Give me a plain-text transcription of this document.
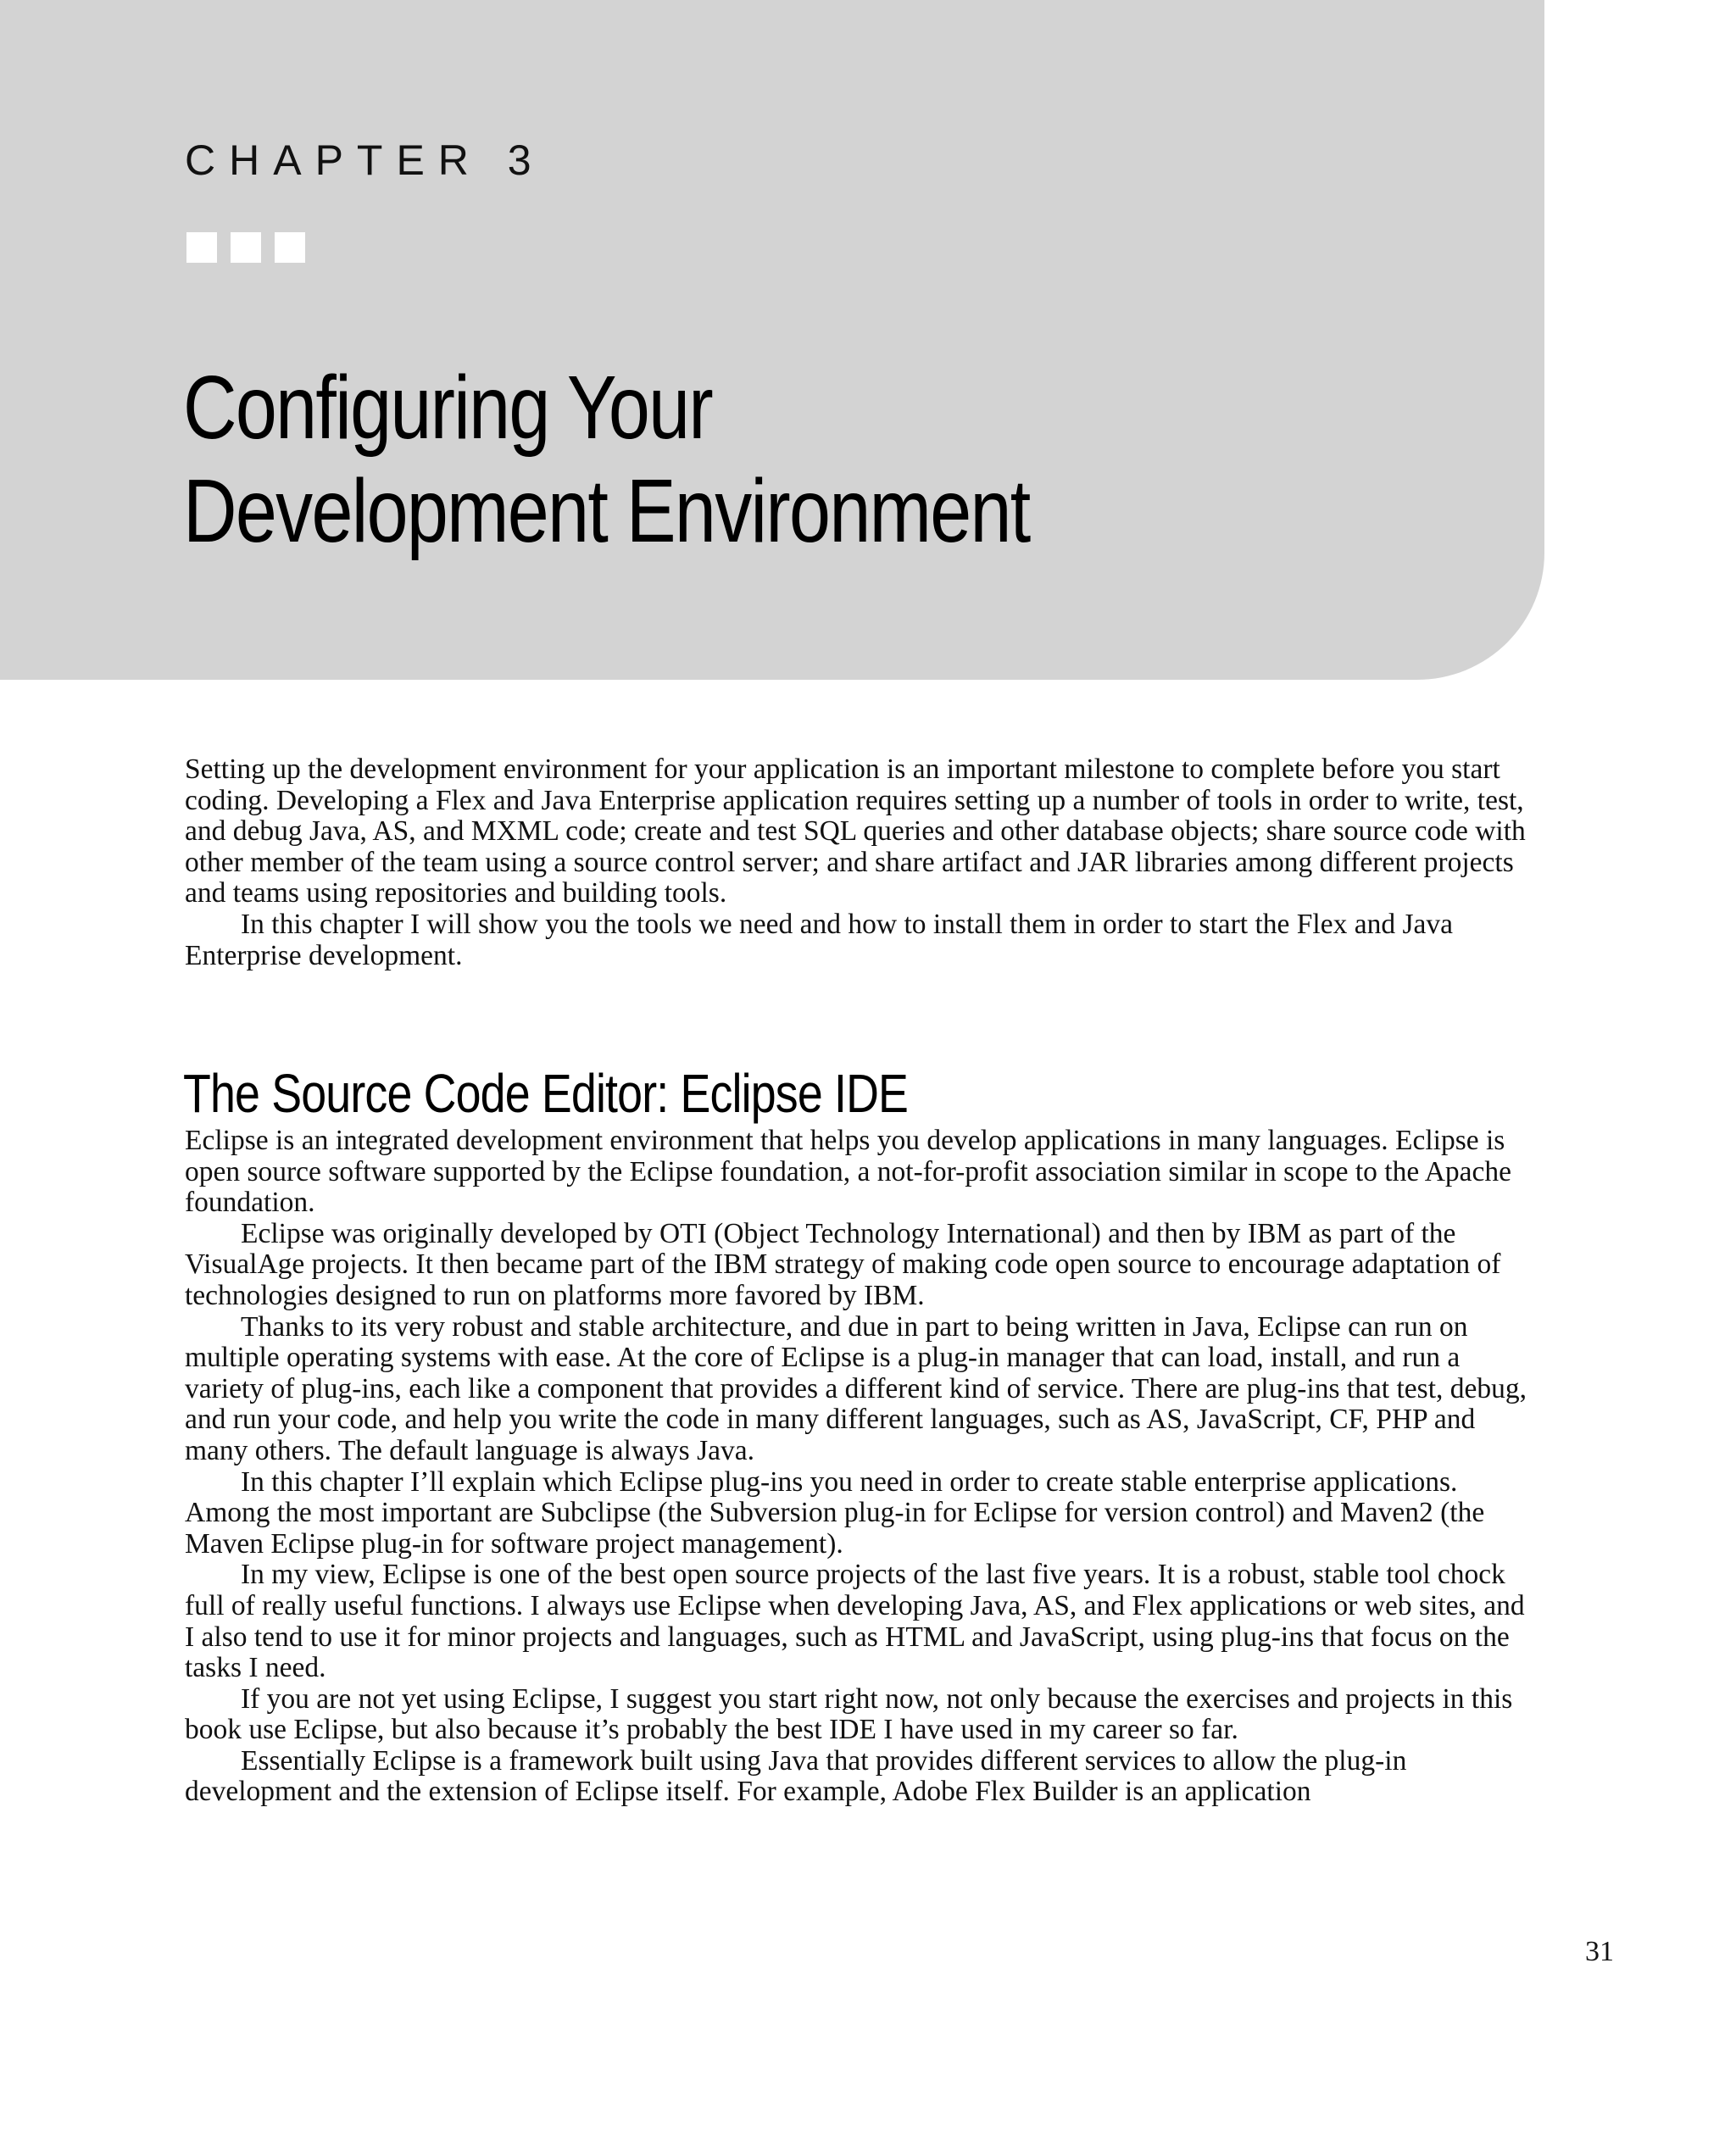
CHAPTER 3
Configuring Your
Development Environment

Setting up the development environment for your application is an important milestone to complete before you start coding. Developing a Flex and Java Enterprise application requires setting up a number of tools in order to write, test, and debug Java, AS, and MXML code; create and test SQL queries and other database objects; share source code with other member of the team using a source control server; and share artifact and JAR libraries among different projects and teams using repositories and building tools.

In this chapter I will show you the tools we need and how to install them in order to start the Flex and Java Enterprise development.

The Source Code Editor: Eclipse IDE

Eclipse is an integrated development environment that helps you develop applications in many languages. Eclipse is open source software supported by the Eclipse foundation, a not-for-profit association similar in scope to the Apache foundation.

Eclipse was originally developed by OTI (Object Technology International) and then by IBM as part of the VisualAge projects. It then became part of the IBM strategy of making code open source to encourage adaptation of technologies designed to run on platforms more favored by IBM.

Thanks to its very robust and stable architecture, and due in part to being written in Java, Eclipse can run on multiple operating systems with ease. At the core of Eclipse is a plug-in manager that can load, install, and run a variety of plug-ins, each like a component that provides a different kind of service. There are plug-ins that test, debug, and run your code, and help you write the code in many different languages, such as AS, JavaScript, CF, PHP and many others. The default language is always Java.

In this chapter I’ll explain which Eclipse plug-ins you need in order to create stable enterprise applications. Among the most important are Subclipse (the Subversion plug-in for Eclipse for version control) and Maven2 (the Maven Eclipse plug-in for software project management).

In my view, Eclipse is one of the best open source projects of the last five years. It is a robust, stable tool chock full of really useful functions. I always use Eclipse when developing Java, AS, and Flex applications or web sites, and I also tend to use it for minor projects and languages, such as HTML and JavaScript, using plug-ins that focus on the tasks I need.

If you are not yet using Eclipse, I suggest you start right now, not only because the exercises and projects in this book use Eclipse, but also because it’s probably the best IDE I have used in my career so far.

Essentially Eclipse is a framework built using Java that provides different services to allow the plug-in development and the extension of Eclipse itself. For example, Adobe Flex Builder is an application

31
